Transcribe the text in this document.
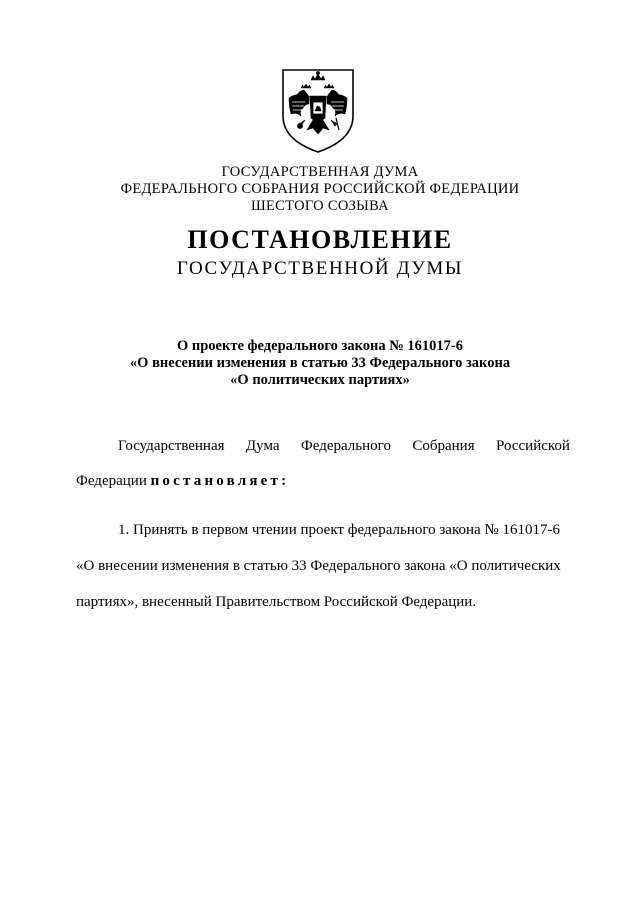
ГОСУДАРСТВЕННАЯ ДУМА
ФЕДЕРАЛЬНОГО СОБРАНИЯ РОССИЙСКОЙ ФЕДЕРАЦИИ
ШЕСТОГО СОЗЫВА
ПОСТАНОВЛЕНИЕ
ГОСУДАРСТВЕННОЙ ДУМЫ
О проекте федерального закона № 161017-6
«О внесении изменения в статью 33 Федерального закона
«О политических партиях»
Государственная Дума Федерального Собрания Российской
Федерации постановляет:
1. Принять в первом чтении проект федерального закона № 161017-6
«О внесении изменения в статью 33 Федерального закона «О политических
партиях», внесенный Правительством Российской Федерации.
